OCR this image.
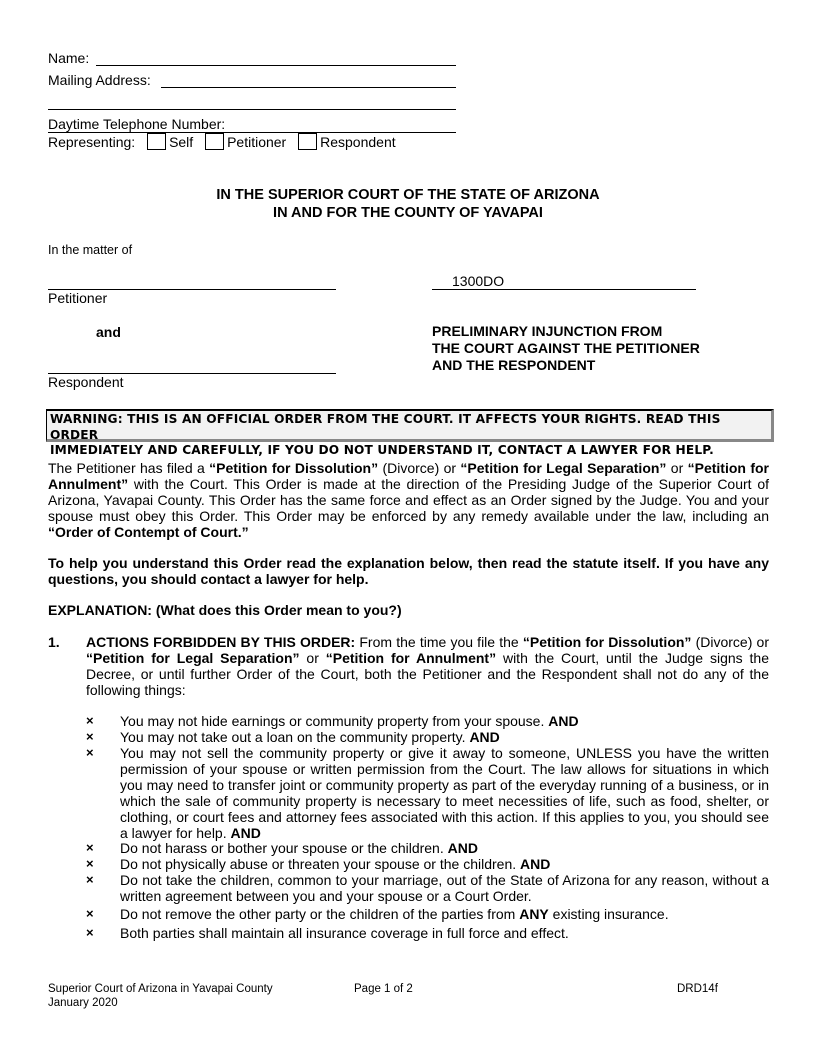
Name:
Mailing Address:
Daytime Telephone Number:
Representing: Self Petitioner Respondent
IN THE SUPERIOR COURT OF THE STATE OF ARIZONA
IN AND FOR THE COUNTY OF YAVAPAI
In the matter of
Petitioner
1300DO
and	PRELIMINARY INJUNCTION FROM
THE COURT AGAINST THE PETITIONER
AND THE RESPONDENT
Respondent
WARNING: THIS IS AN OFFICIAL ORDER FROM THE COURT. IT AFFECTS YOUR RIGHTS. READ THIS ORDER
IMMEDIATELY AND CAREFULLY, IF YOU DO NOT UNDERSTAND IT, CONTACT A LAWYER FOR HELP.
The Petitioner has filed a “Petition for Dissolution” (Divorce) or “Petition for Legal Separation” or “Petition for Annulment” with the Court. This Order is made at the direction of the Presiding Judge of the Superior Court of Arizona, Yavapai County. This Order has the same force and effect as an Order signed by the Judge. You and your spouse must obey this Order. This Order may be enforced by any remedy available under the law, including an “Order of Contempt of Court.”
To help you understand this Order read the explanation below, then read the statute itself. If you have any questions, you should contact a lawyer for help.
EXPLANATION: (What does this Order mean to you?)
1. ACTIONS FORBIDDEN BY THIS ORDER: From the time you file the “Petition for Dissolution” (Divorce) or “Petition for Legal Separation” or “Petition for Annulment” with the Court, until the Judge signs the Decree, or until further Order of the Court, both the Petitioner and the Respondent shall not do any of the following things:
× You may not hide earnings or community property from your spouse. AND
× You may not take out a loan on the community property. AND
× You may not sell the community property or give it away to someone, UNLESS you have the written permission of your spouse or written permission from the Court. The law allows for situations in which you may need to transfer joint or community property as part of the everyday running of a business, or in which the sale of community property is necessary to meet necessities of life, such as food, shelter, or clothing, or court fees and attorney fees associated with this action. If this applies to you, you should see a lawyer for help. AND
× Do not harass or bother your spouse or the children. AND
× Do not physically abuse or threaten your spouse or the children. AND
× Do not take the children, common to your marriage, out of the State of Arizona for any reason, without a written agreement between you and your spouse or a Court Order.
× Do not remove the other party or the children of the parties from ANY existing insurance.
× Both parties shall maintain all insurance coverage in full force and effect.
Superior Court of Arizona in Yavapai County
January 2020
Page 1 of 2	DRD14f
